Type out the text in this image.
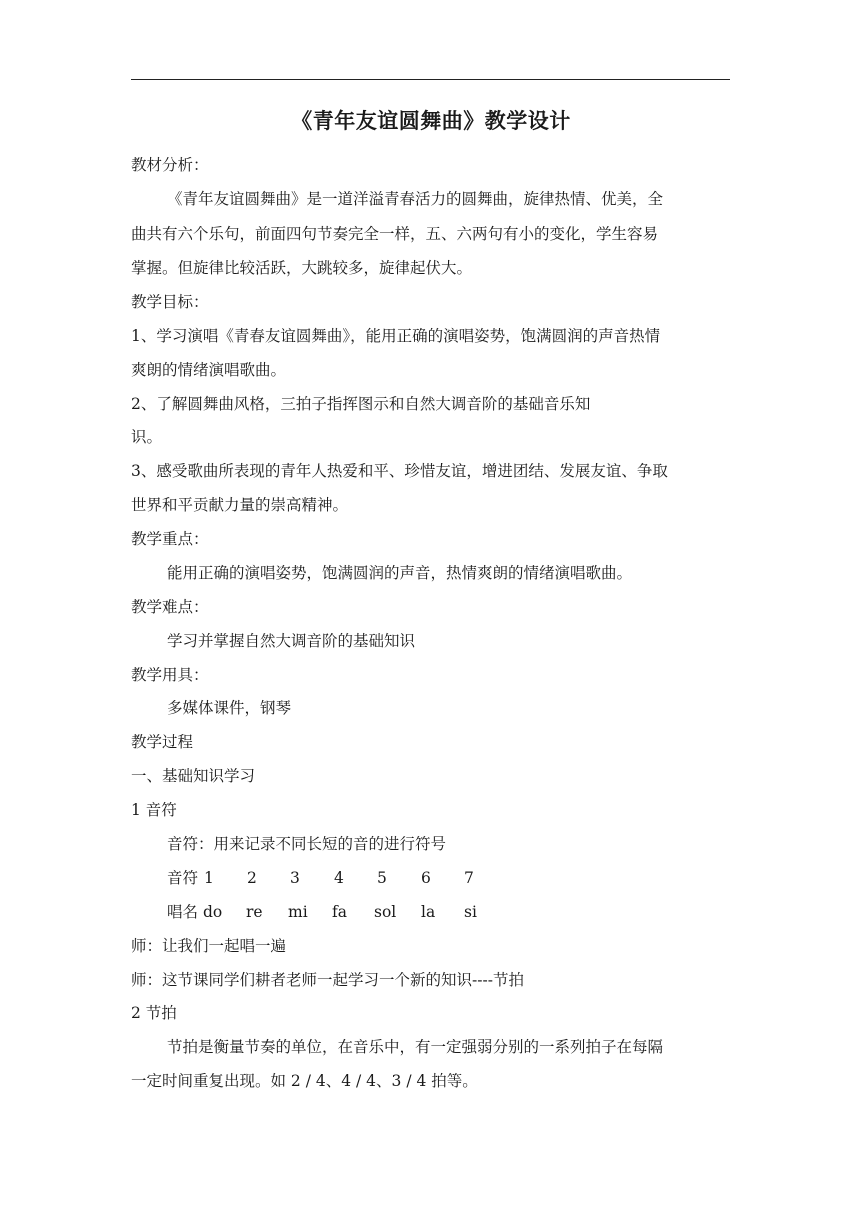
《青年友谊圆舞曲》教学设计
教材分析：
《青年友谊圆舞曲》是一道洋溢青春活力的圆舞曲，旋律热情、优美，全
曲共有六个乐句，前面四句节奏完全一样，五、六两句有小的变化，学生容易
掌握。但旋律比较活跃，大跳较多，旋律起伏大。
教学目标：
1、学习演唱《青春友谊圆舞曲》，能用正确的演唱姿势，饱满圆润的声音热情
爽朗的情绪演唱歌曲。
2、了解圆舞曲风格，三拍子指挥图示和自然大调音阶的基础音乐知
识。
3、感受歌曲所表现的青年人热爱和平、珍惜友谊，增进团结、发展友谊、争取
世界和平贡献力量的崇高精神。
教学重点：
能用正确的演唱姿势，饱满圆润的声音，热情爽朗的情绪演唱歌曲。
教学难点：
学习并掌握自然大调音阶的基础知识
教学用具：
多媒体课件，钢琴
教学过程
一、基础知识学习
1 音符
音符：用来记录不同长短的音的进行符号
音符 1 2 3 4 5 6 7
唱名 do re mi fa sol la si
师：让我们一起唱一遍
师：这节课同学们耕者老师一起学习一个新的知识----节拍
2 节拍
节拍是衡量节奏的单位，在音乐中，有一定强弱分别的一系列拍子在每隔
一定时间重复出现。如 2 / 4、4 / 4、3 / 4 拍等。
